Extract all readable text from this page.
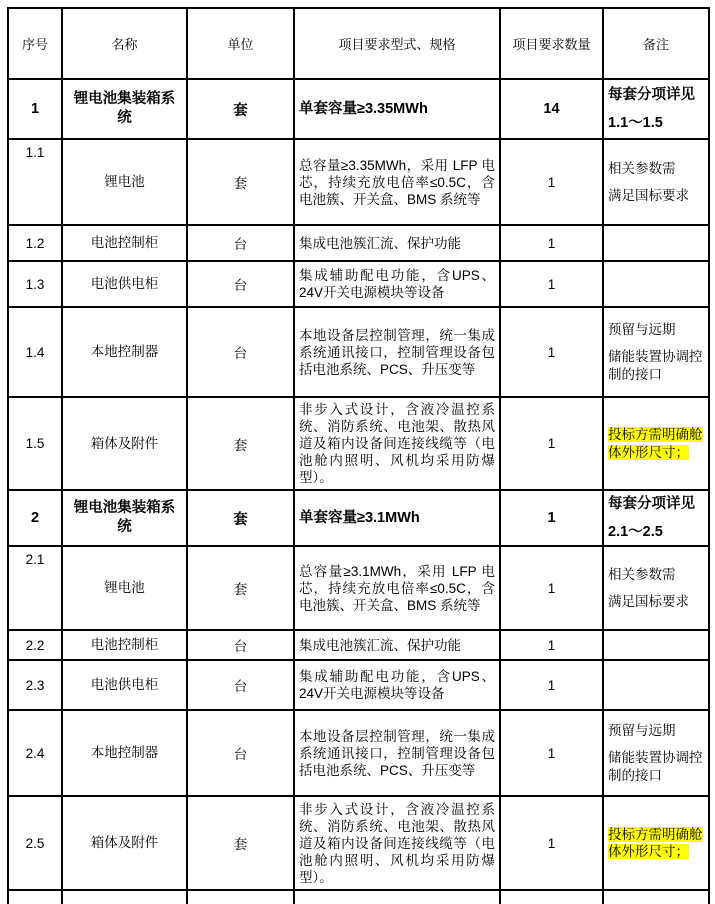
序号	名称	单位	项目要求型式、规格	项目要求数量	备注
1	锂电池集装箱系统	套	单套容量≥3.35MWh	14	每套分项详见
1.1～1.5

1.1	锂电池	套	总容量≥3.35MWh，采用 LFP 电芯，持续充放电倍率≤0.5C，含电池簇、开关盒、BMS 系统等	1	相关参数需
满足国标要求

1.2	电池控制柜	台	集成电池簇汇流、保护功能	1	
1.3	电池供电柜	台	集成辅助配电功能，含UPS、24V开关电源模块等设备	1	
1.4	本地控制器	台	本地设备层控制管理，统一集成系统通讯接口，控制管理设备包括电池系统、PCS、升压变等	1	预留与远期
储能装置协调控制的接口

1.5	箱体及附件	套	非步入式设计，含液冷温控系统、消防系统、电池架、散热风道及箱内设备间连接线缆等（电池舱内照明、风机均采用防爆型）。	1	投标方需明确舱体外形尺寸；

2	锂电池集装箱系统	套	单套容量≥3.1MWh	1	每套分项详见
2.1～2.5

2.1	锂电池	套	总容量≥3.1MWh，采用 LFP 电芯，持续充放电倍率≤0.5C，含电池簇、开关盒、BMS 系统等	1	相关参数需
满足国标要求

2.2	电池控制柜	台	集成电池簇汇流、保护功能	1	
2.3	电池供电柜	台	集成辅助配电功能，含UPS、24V开关电源模块等设备	1	
2.4	本地控制器	台	本地设备层控制管理，统一集成系统通讯接口，控制管理设备包括电池系统、PCS、升压变等	1	预留与远期
储能装置协调控制的接口

2.5	箱体及附件	套	非步入式设计，含液冷温控系统、消防系统、电池架、散热风道及箱内设备间连接线缆等（电池舱内照明、风机均采用防爆型）。	1	投标方需明确舱体外形尺寸；
